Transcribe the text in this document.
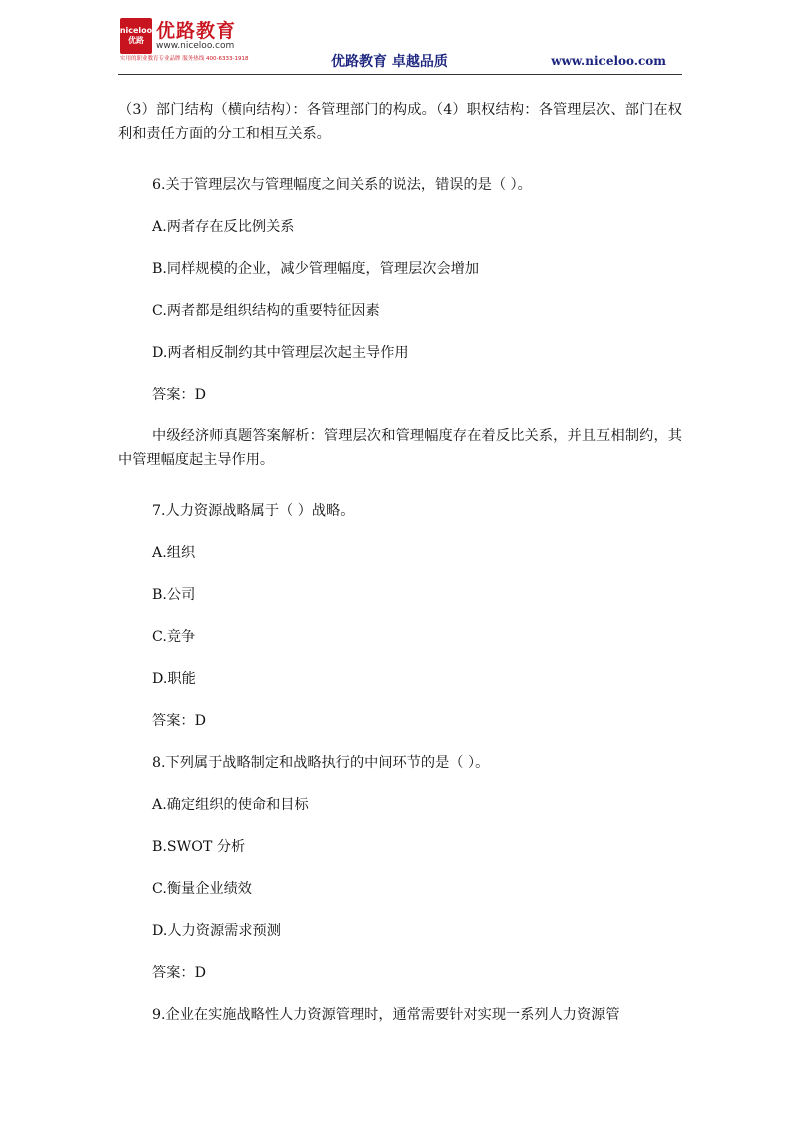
niceloo
优路 优路教育
www.niceloo.com
实用的职业教育专业品牌 服务热线 400-6333-1918	优路教育 卓越品质	www.niceloo.com

（3）部门结构（横向结构）：各管理部门的构成。（4）职权结构：各管理层次、部门在权利和责任方面的分工和相互关系。

6.关于管理层次与管理幅度之间关系的说法，错误的是（ ）。
A.两者存在反比例关系
B.同样规模的企业，减少管理幅度，管理层次会增加
C.两者都是组织结构的重要特征因素
D.两者相反制约其中管理层次起主导作用
答案：D

中级经济师真题答案解析：管理层次和管理幅度存在着反比关系，并且互相制约，其中管理幅度起主导作用。

7.人力资源战略属于（ ）战略。
A.组织
B.公司
C.竞争
D.职能
答案：D
8.下列属于战略制定和战略执行的中间环节的是（ ）。
A.确定组织的使命和目标
B.SWOT 分析
C.衡量企业绩效
D.人力资源需求预测
答案：D
9.企业在实施战略性人力资源管理时，通常需要针对实现一系列人力资源管
